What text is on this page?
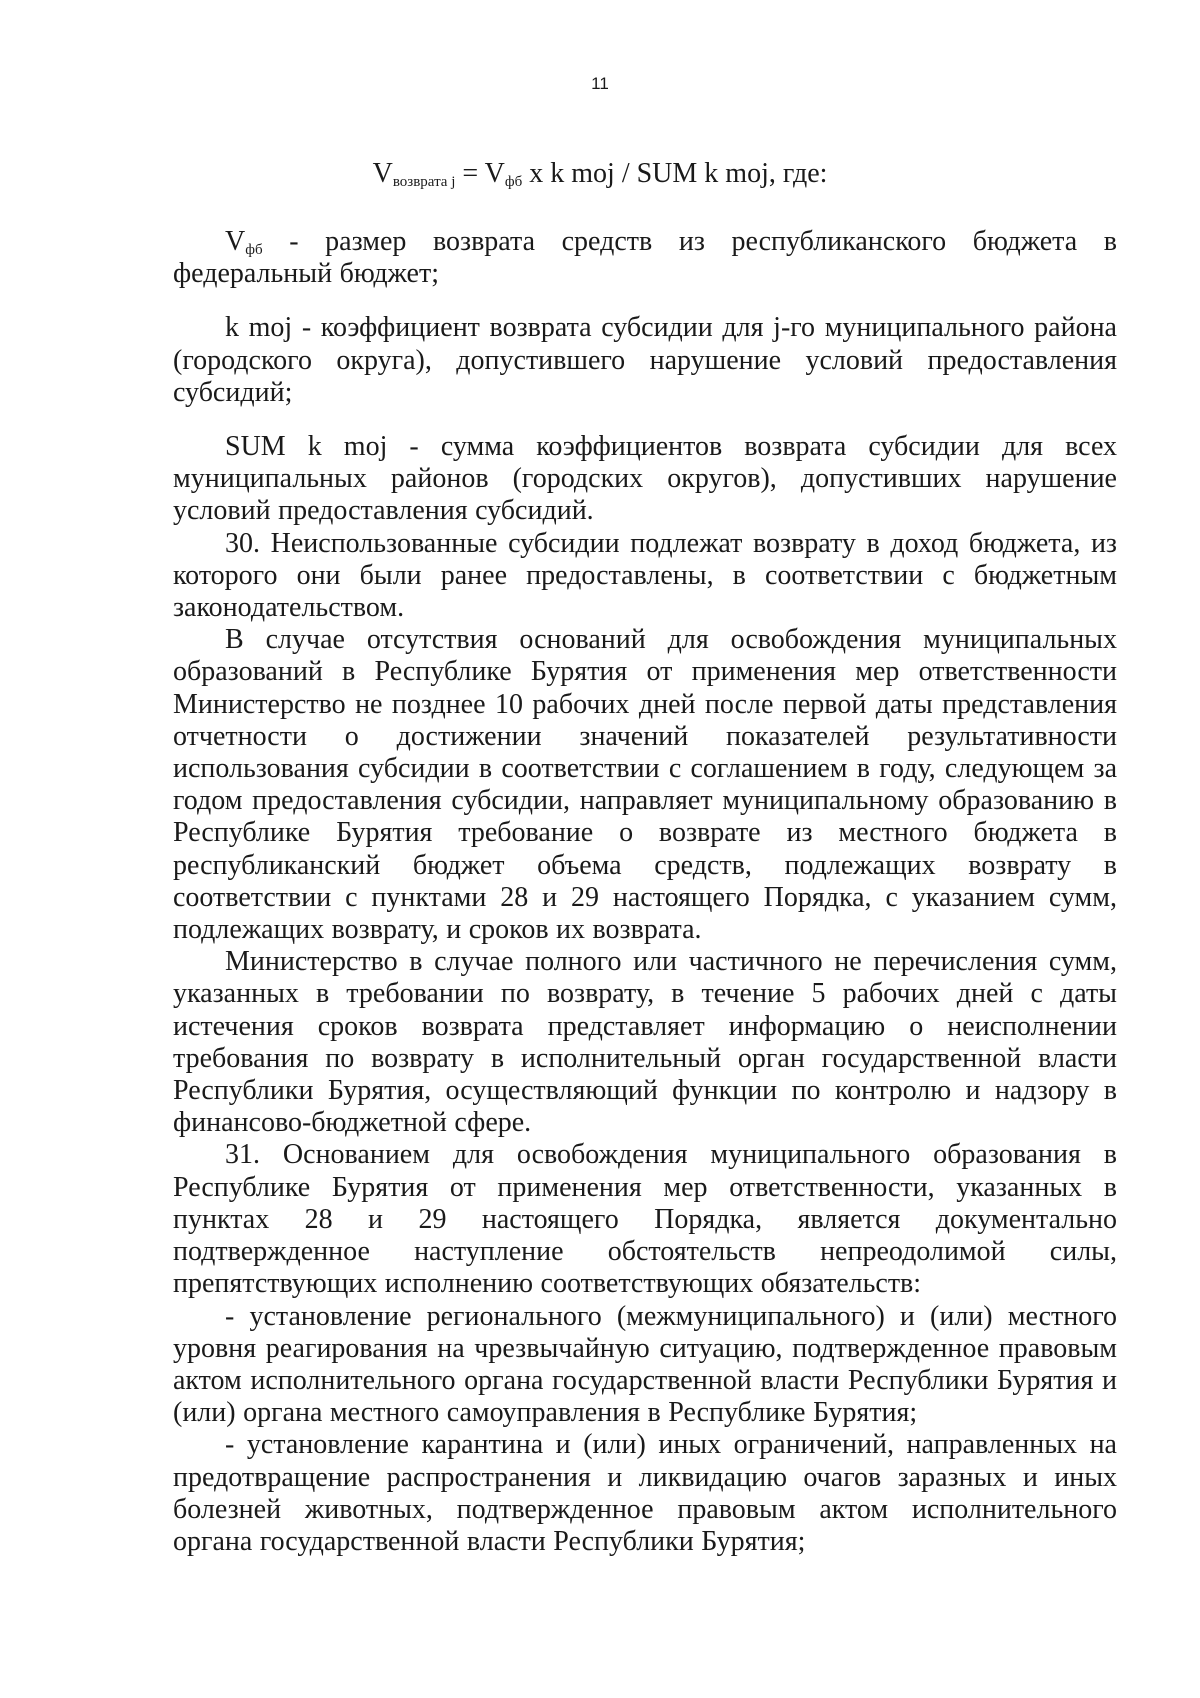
11
$V_{возврата j} = V_{фб}$ x k moj / SUM k moj, где:

$V_{фб}$ - размер возврата средств из республиканского бюджета в федеральный бюджет;

k moj - коэффициент возврата субсидии для j-го муниципального района (городского округа), допустившего нарушение условий предоставления субсидий;

SUM k moj - сумма коэффициентов возврата субсидии для всех муниципальных районов (городских округов), допустивших нарушение условий предоставления субсидий.

30. Неиспользованные субсидии подлежат возврату в доход бюджета, из которого они были ранее предоставлены, в соответствии с бюджетным законодательством.

В случае отсутствия оснований для освобождения муниципальных образований в Республике Бурятия от применения мер ответственности Министерство не позднее 10 рабочих дней после первой даты представления отчетности о достижении значений показателей результативности использования субсидии в соответствии с соглашением в году, следующем за годом предоставления субсидии, направляет муниципальному образованию в Республике Бурятия требование о возврате из местного бюджета в республиканский бюджет объема средств, подлежащих возврату в соответствии с пунктами 28 и 29 настоящего Порядка, с указанием сумм, подлежащих возврату, и сроков их возврата.

Министерство в случае полного или частичного не перечисления сумм, указанных в требовании по возврату, в течение 5 рабочих дней с даты истечения сроков возврата представляет информацию о неисполнении требования по возврату в исполнительный орган государственной власти Республики Бурятия, осуществляющий функции по контролю и надзору в финансово-бюджетной сфере.

31. Основанием для освобождения муниципального образования в Республике Бурятия от применения мер ответственности, указанных в пунктах 28 и 29 настоящего Порядка, является документально подтвержденное наступление обстоятельств непреодолимой силы, препятствующих исполнению соответствующих обязательств:

- установление регионального (межмуниципального) и (или) местного уровня реагирования на чрезвычайную ситуацию, подтвержденное правовым актом исполнительного органа государственной власти Республики Бурятия и (или) органа местного самоуправления в Республике Бурятия;

- установление карантина и (или) иных ограничений, направленных на предотвращение распространения и ликвидацию очагов заразных и иных болезней животных, подтвержденное правовым актом исполнительного органа государственной власти Республики Бурятия;
